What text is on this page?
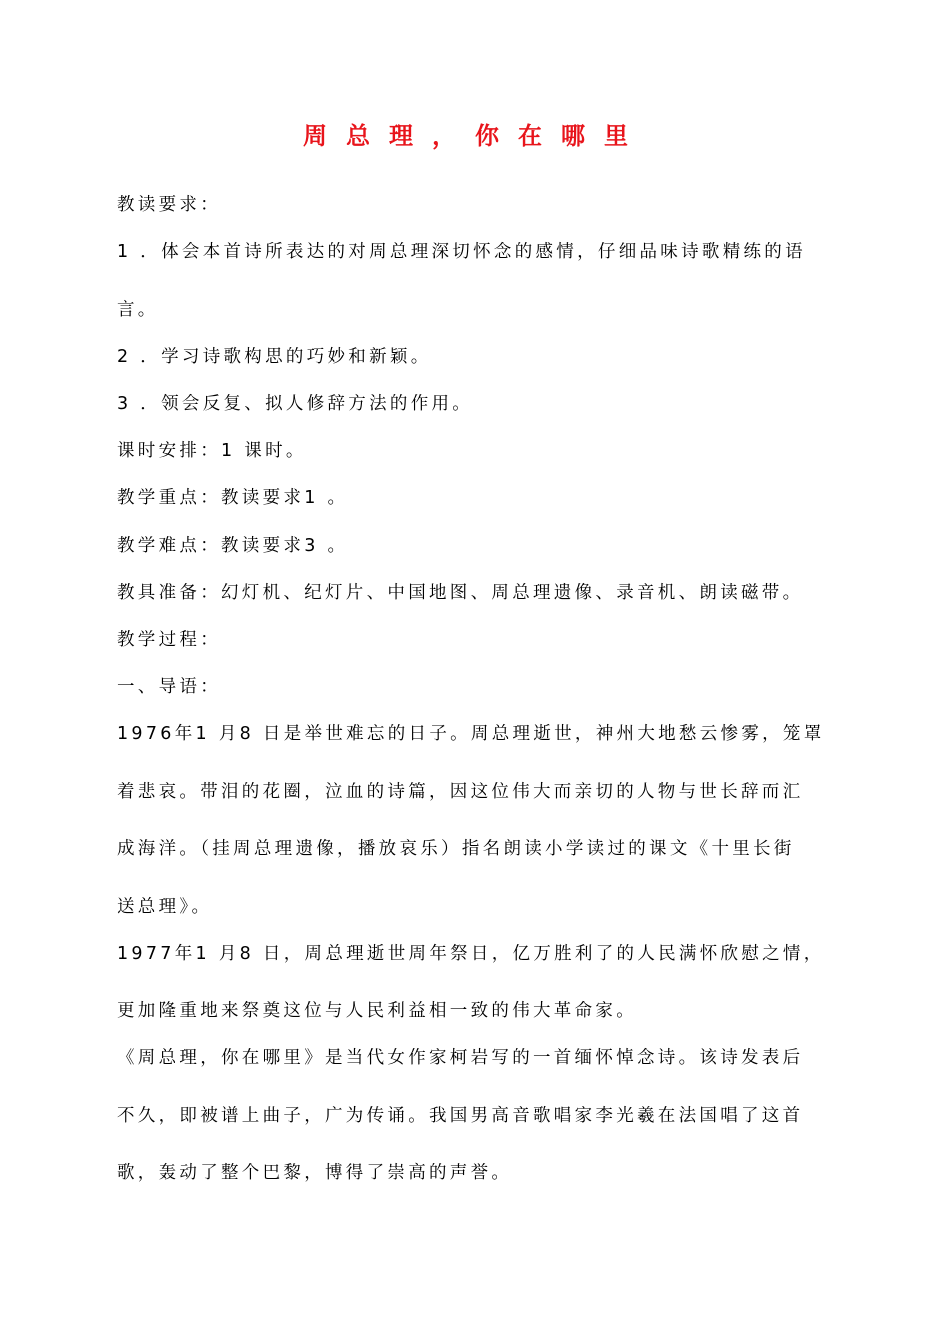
周总理，你在哪里
教读要求：
1 ．体会本首诗所表达的对周总理深切怀念的感情，仔细品味诗歌精练的语
言。
2 ．学习诗歌构思的巧妙和新颖。
3 ．领会反复、拟人修辞方法的作用。
课时安排：1 课时。
教学重点：教读要求1 。
教学难点：教读要求3 。
教具准备：幻灯机、纪灯片、中国地图、周总理遗像、录音机、朗读磁带。
教学过程：
一、导语：
1976年1 月8 日是举世难忘的日子。周总理逝世，神州大地愁云惨雾，笼罩
着悲哀。带泪的花圈，泣血的诗篇，因这位伟大而亲切的人物与世长辞而汇
成海洋。（挂周总理遗像，播放哀乐）指名朗读小学读过的课文《十里长街
送总理》。
1977年1 月8 日，周总理逝世周年祭日，亿万胜利了的人民满怀欣慰之情，
更加隆重地来祭奠这位与人民利益相一致的伟大革命家。
《周总理，你在哪里》是当代女作家柯岩写的一首缅怀悼念诗。该诗发表后
不久，即被谱上曲子，广为传诵。我国男高音歌唱家李光羲在法国唱了这首
歌，轰动了整个巴黎，博得了崇高的声誉。
